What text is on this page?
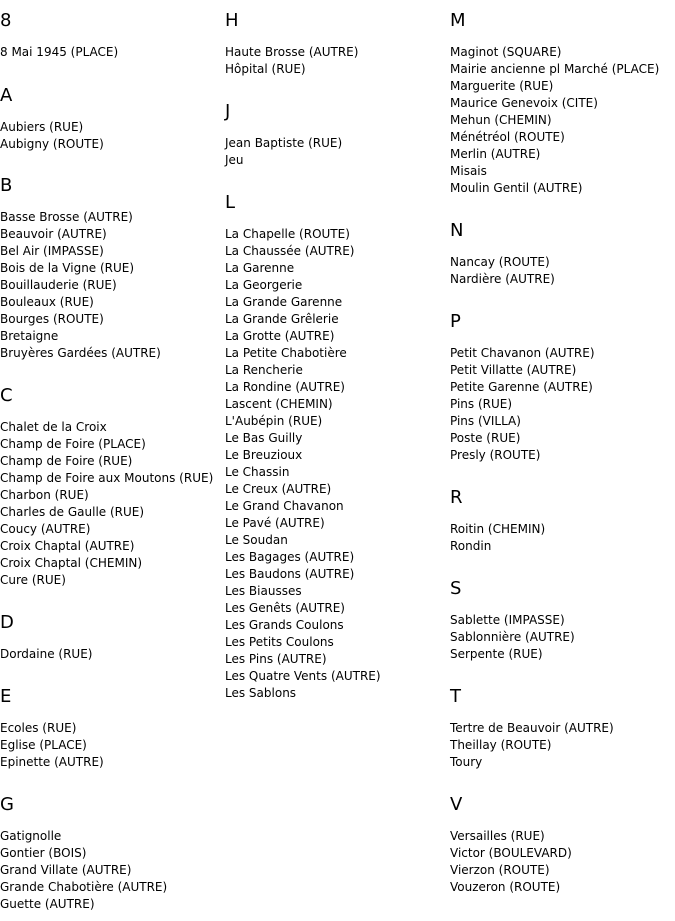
8
8 Mai 1945 (PLACE)
A
Aubiers (RUE)
Aubigny (ROUTE)
B
Basse Brosse (AUTRE)
Beauvoir (AUTRE)
Bel Air (IMPASSE)
Bois de la Vigne (RUE)
Bouillauderie (RUE)
Bouleaux (RUE)
Bourges (ROUTE)
Bretaigne
Bruyères Gardées (AUTRE)
C
Chalet de la Croix
Champ de Foire (PLACE)
Champ de Foire (RUE)
Champ de Foire aux Moutons (RUE)
Charbon (RUE)
Charles de Gaulle (RUE)
Coucy (AUTRE)
Croix Chaptal (AUTRE)
Croix Chaptal (CHEMIN)
Cure (RUE)
D
Dordaine (RUE)
E
Ecoles (RUE)
Eglise (PLACE)
Epinette (AUTRE)
G
Gatignolle
Gontier (BOIS)
Grand Villate (AUTRE)
Grande Chabotière (AUTRE)
Guette (AUTRE)
H
Haute Brosse (AUTRE)
Hôpital (RUE)
J
Jean Baptiste (RUE)
Jeu
L
La Chapelle (ROUTE)
La Chaussée (AUTRE)
La Garenne
La Georgerie
La Grande Garenne
La Grande Grêlerie
La Grotte (AUTRE)
La Petite Chabotière
La Rencherie
La Rondine (AUTRE)
Lascent (CHEMIN)
L'Aubépin (RUE)
Le Bas Guilly
Le Breuzioux
Le Chassin
Le Creux (AUTRE)
Le Grand Chavanon
Le Pavé (AUTRE)
Le Soudan
Les Bagages (AUTRE)
Les Baudons (AUTRE)
Les Biausses
Les Genêts (AUTRE)
Les Grands Coulons
Les Petits Coulons
Les Pins (AUTRE)
Les Quatre Vents (AUTRE)
Les Sablons
M
Maginot (SQUARE)
Mairie ancienne pl Marché (PLACE)
Marguerite (RUE)
Maurice Genevoix (CITE)
Mehun (CHEMIN)
Ménétréol (ROUTE)
Merlin (AUTRE)
Misais
Moulin Gentil (AUTRE)
N
Nancay (ROUTE)
Nardière (AUTRE)
P
Petit Chavanon (AUTRE)
Petit Villatte (AUTRE)
Petite Garenne (AUTRE)
Pins (RUE)
Pins (VILLA)
Poste (RUE)
Presly (ROUTE)
R
Roitin (CHEMIN)
Rondin
S
Sablette (IMPASSE)
Sablonnière (AUTRE)
Serpente (RUE)
T
Tertre de Beauvoir (AUTRE)
Theillay (ROUTE)
Toury
V
Versailles (RUE)
Victor (BOULEVARD)
Vierzon (ROUTE)
Vouzeron (ROUTE)
